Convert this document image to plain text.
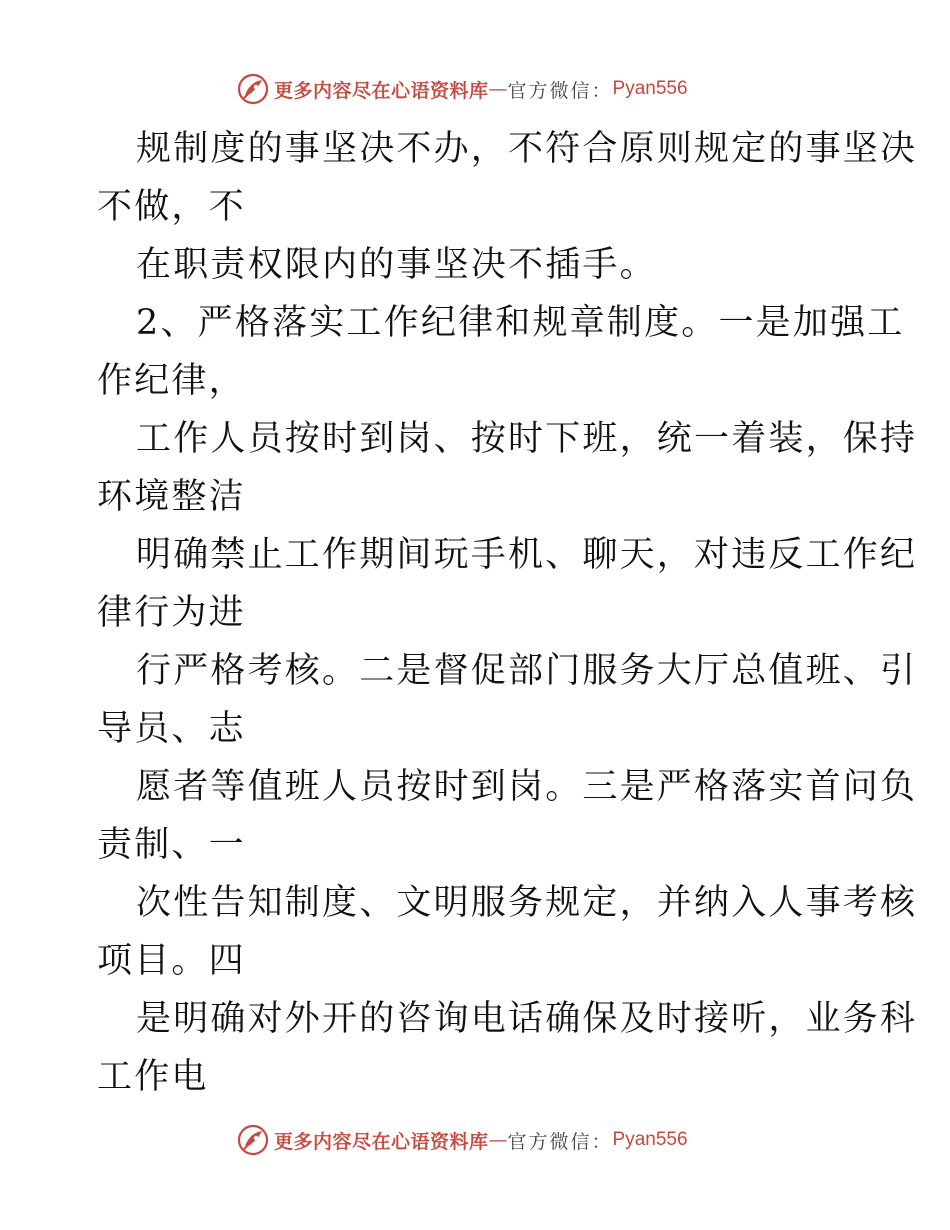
更多内容尽在心语资料库 — 官方微信： Pyan556
规制度的事坚决不办，不符合原则规定的事坚决
不做，不
在职责权限内的事坚决不插手。
2、严格落实工作纪律和规章制度。一是加强工
作纪律，
工作人员按时到岗、按时下班，统一着装，保持
环境整洁
明确禁止工作期间玩手机、聊天，对违反工作纪
律行为进
行严格考核。二是督促部门服务大厅总值班、引
导员、志
愿者等值班人员按时到岗。三是严格落实首问负
责制、一
次性告知制度、文明服务规定，并纳入人事考核
项目。四
是明确对外开的咨询电话确保及时接听，业务科
工作电
更多内容尽在心语资料库 — 官方微信： Pyan556
